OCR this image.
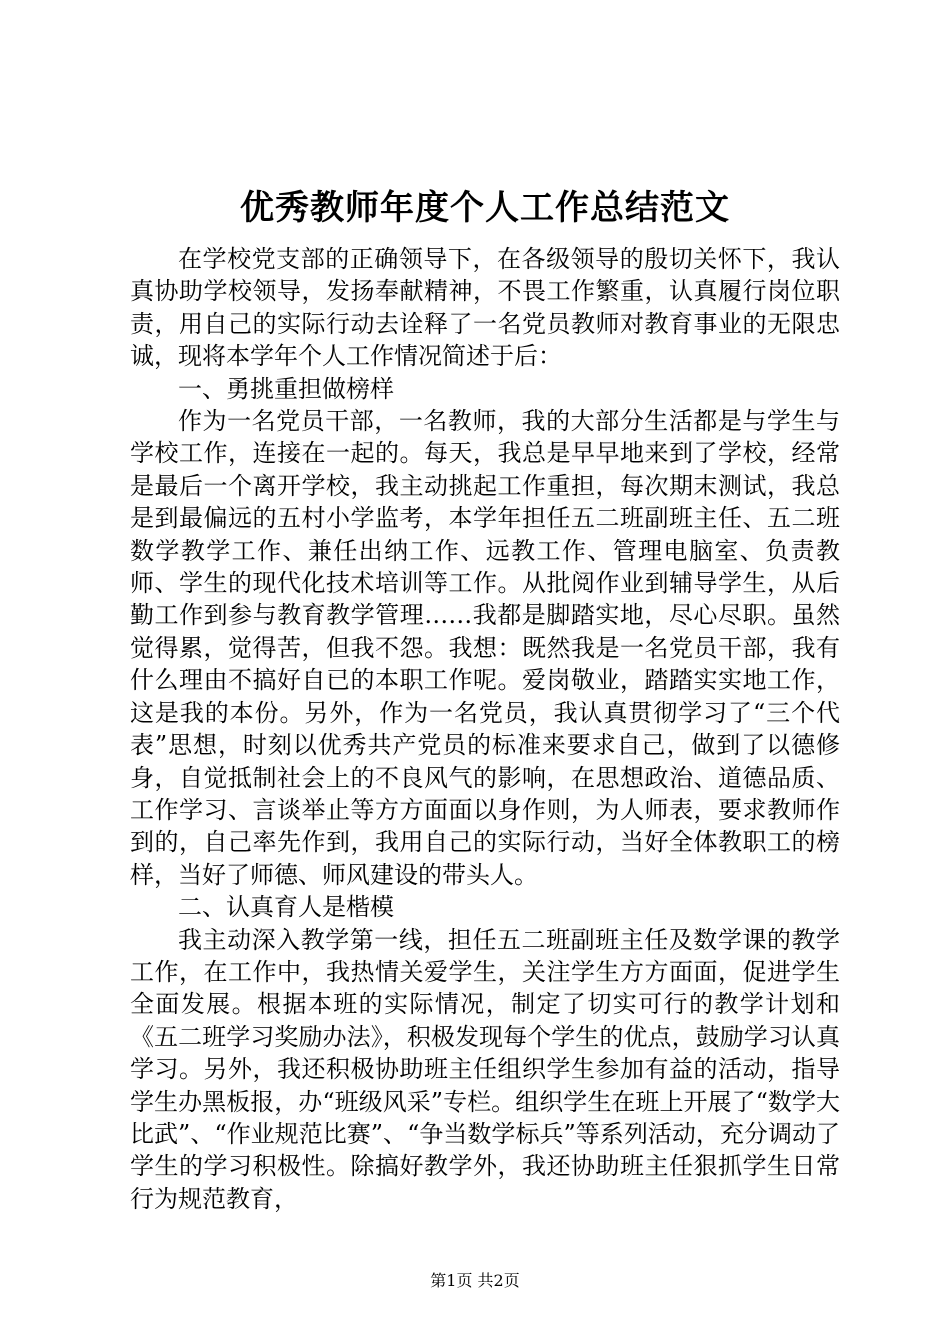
优秀教师年度个人工作总结范文

在学校党支部的正确领导下，在各级领导的殷切关怀下，我认真协助学校领导，发扬奉献精神，不畏工作繁重，认真履行岗位职责，用自己的实际行动去诠释了一名党员教师对教育事业的无限忠诚，现将本学年个人工作情况简述于后：

一、勇挑重担做榜样

作为一名党员干部，一名教师，我的大部分生活都是与学生与学校工作，连接在一起的。每天，我总是早早地来到了学校，经常是最后一个离开学校，我主动挑起工作重担，每次期末测试，我总是到最偏远的五村小学监考，本学年担任五二班副班主任、五二班数学教学工作、兼任出纳工作、远教工作、管理电脑室、负责教师、学生的现代化技术培训等工作。从批阅作业到辅导学生，从后勤工作到参与教育教学管理……我都是脚踏实地，尽心尽职。虽然觉得累，觉得苦，但我不怨。我想：既然我是一名党员干部，我有什么理由不搞好自已的本职工作呢。爱岗敬业，踏踏实实地工作，这是我的本份。另外，作为一名党员，我认真贯彻学习了“三个代表”思想，时刻以优秀共产党员的标准来要求自己，做到了以德修身，自觉抵制社会上的不良风气的影响，在思想政治、道德品质、工作学习、言谈举止等方方面面以身作则，为人师表，要求教师作到的，自己率先作到，我用自己的实际行动，当好全体教职工的榜样，当好了师德、师风建设的带头人。

二、认真育人是楷模

我主动深入教学第一线，担任五二班副班主任及数学课的教学工作，在工作中，我热情关爱学生，关注学生方方面面，促进学生全面发展。根据本班的实际情况，制定了切实可行的教学计划和《五二班学习奖励办法》，积极发现每个学生的优点，鼓励学习认真学习。另外，我还积极协助班主任组织学生参加有益的活动，指导学生办黑板报，办“班级风采”专栏。组织学生在班上开展了“数学大比武”、“作业规范比赛”、“争当数学标兵”等系列活动，充分调动了学生的学习积极性。除搞好教学外，我还协助班主任狠抓学生日常行为规范教育，

第1页 共2页
